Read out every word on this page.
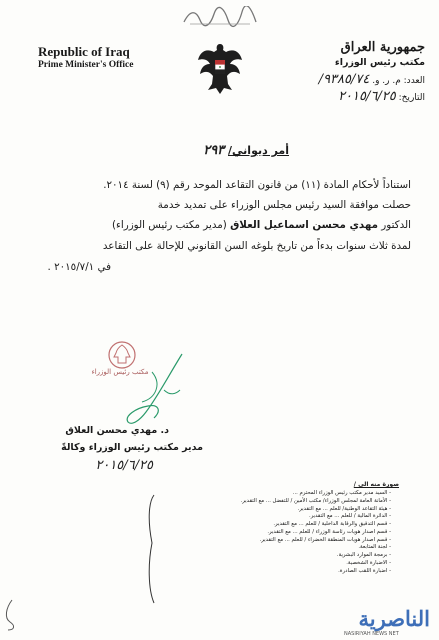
Republic of Iraq
Prime Minister's Office
جمهورية العراق
مكتب رئيس الوزراء
العدد: م. ر. و. ٩٣٨٥/٧٤/
التاريخ: ٢٠١٥/٦/٢٥
أمر ديواني/ ٢٩٣
استناداً لأحكام المادة (١١) من قانون التقاعد الموحد رقم (٩) لسنة ٢٠١٤.
حصلت موافقة السيد رئيس مجلس الوزراء على تمديد خدمة
الدكتور مهدي محسن اسماعيل العلاق (مدير مكتب رئيس الوزراء)
لمدة ثلاث سنوات بدءاً من تاريخ بلوغه السن القانوني للإحالة على التقاعد
في ٢٠١٥/٧/١ .
مكتب رئيس الوزراء
د. مهدي محسن العلاق
مدير مكتب رئيس الوزراء وكالةً
٢٠١٥/٦/٢٥
صورة منه الى /
- السيد مدير مكتب رئيس الوزراء المحترم ...
- الأمانة العامة لمجلس الوزراء/ مكتب الأمين / للتفضل ... مع التقدير.
- هيئة التقاعد الوطنية/ للعلم ... مع التقدير.
- الدائرة المالية / للعلم ... مع التقدير.
- قسم التدقيق والرقابة الداخلية / للعلم ... مع التقدير.
- قسم اصدار هويات رئاسة الوزراء / للعلم ... مع التقدير.
- قسم اصدار هويات المنطقة الخضراء / للعلم ... مع التقدير.
- لجنة المتابعة.
- برمجة الموارد البشرية.
- الاضبارة الشخصية.
- اضبارة اللقب الصادرة.
الناصرية
NASIRIYAH NEWS NET
